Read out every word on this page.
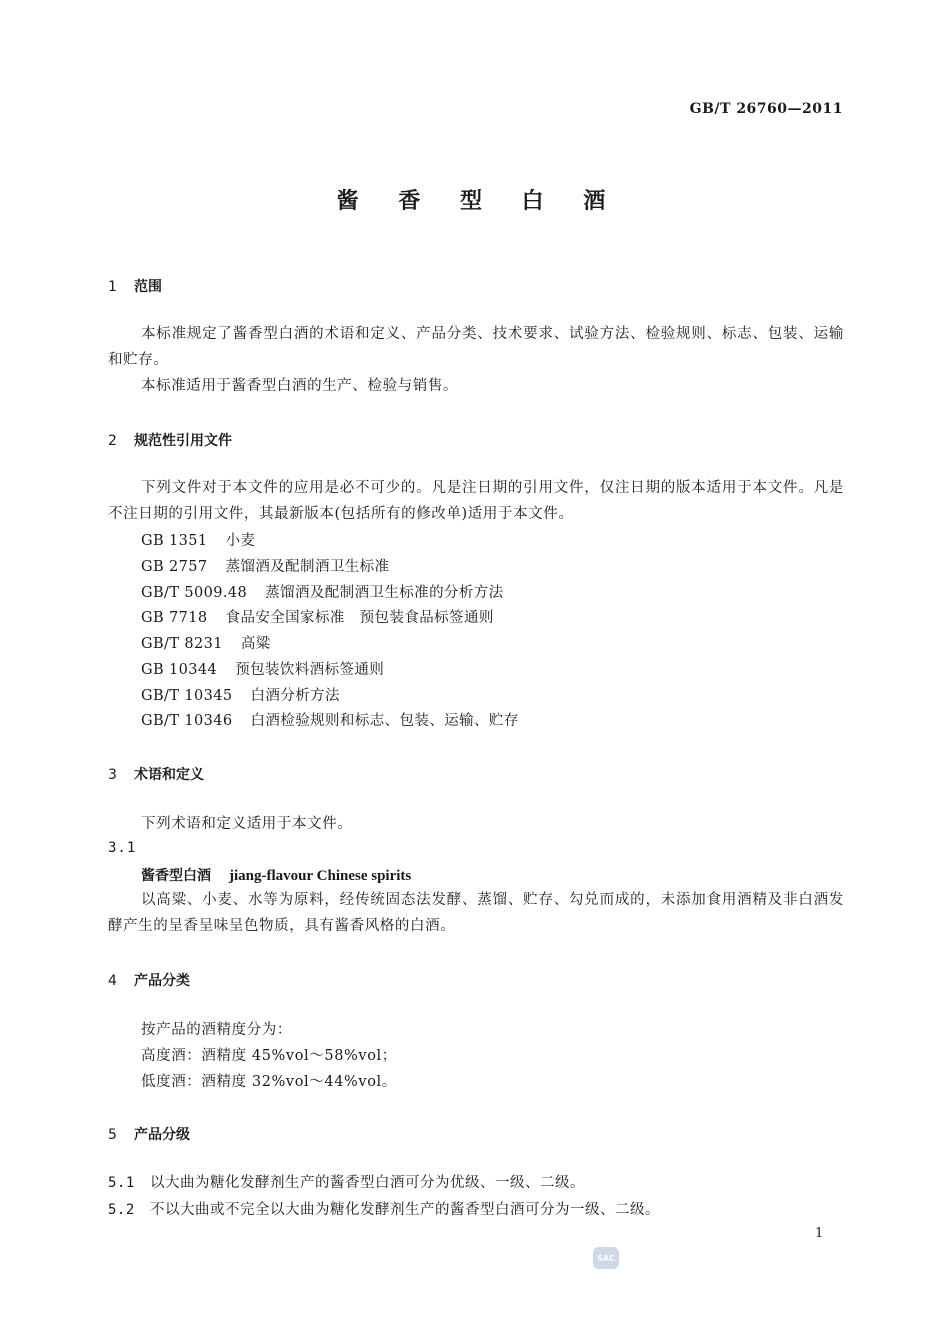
GB/T 26760—2011
酱 香 型 白 酒
1 范围
本标准规定了酱香型白酒的术语和定义、产品分类、技术要求、试验方法、检验规则、标志、包装、运输和贮存。
本标准适用于酱香型白酒的生产、检验与销售。
2 规范性引用文件
下列文件对于本文件的应用是必不可少的。凡是注日期的引用文件，仅注日期的版本适用于本文件。凡是不注日期的引用文件，其最新版本(包括所有的修改单)适用于本文件。
GB 1351 小麦
GB 2757 蒸馏酒及配制酒卫生标准
GB/T 5009.48 蒸馏酒及配制酒卫生标准的分析方法
GB 7718 食品安全国家标准　预包装食品标签通则
GB/T 8231 高粱
GB 10344 预包装饮料酒标签通则
GB/T 10345 白酒分析方法
GB/T 10346 白酒检验规则和标志、包装、运输、贮存
3 术语和定义
下列术语和定义适用于本文件。
3.1
酱香型白酒 jiang-flavour Chinese spirits
以高粱、小麦、水等为原料，经传统固态法发酵、蒸馏、贮存、勾兑而成的，未添加食用酒精及非白酒发酵产生的呈香呈味呈色物质，具有酱香风格的白酒。
4 产品分类
按产品的酒精度分为：
高度酒：酒精度 45%vol～58%vol；
低度酒：酒精度 32%vol～44%vol。
5 产品分级
5.1 以大曲为糖化发酵剂生产的酱香型白酒可分为优级、一级、二级。
5.2 不以大曲或不完全以大曲为糖化发酵剂生产的酱香型白酒可分为一级、二级。
1
SAC
